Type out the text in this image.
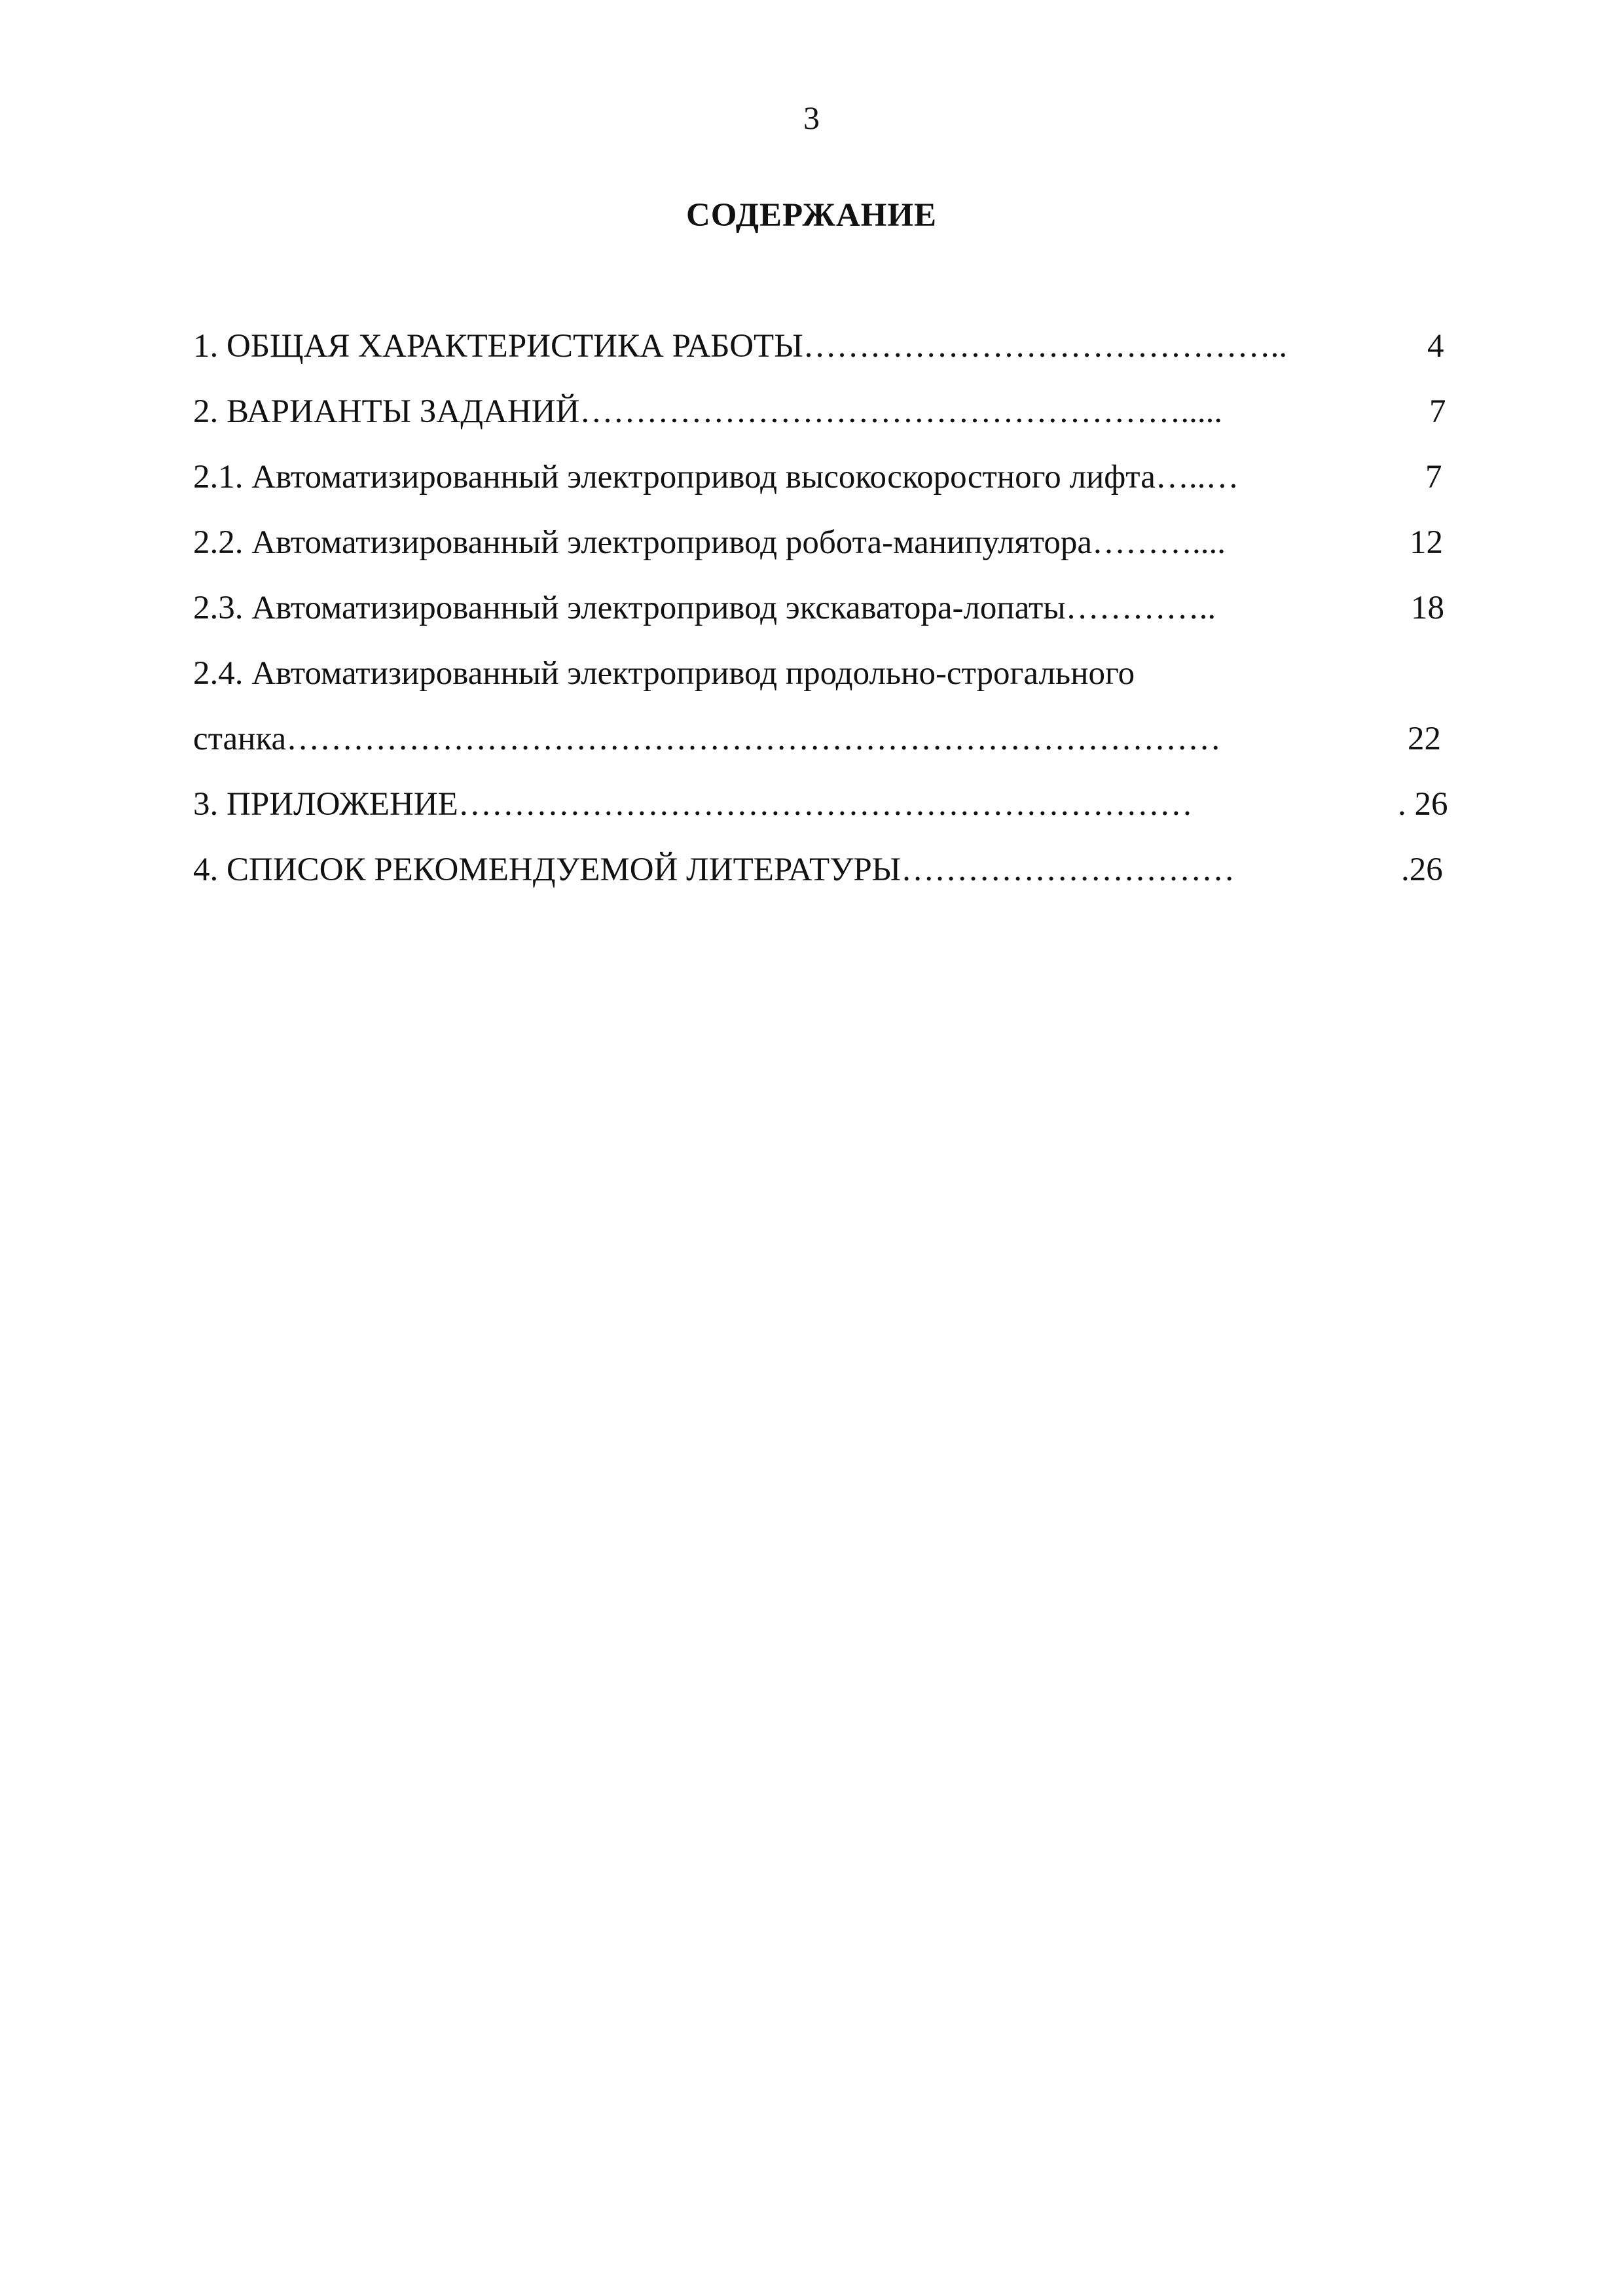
3
СОДЕРЖАНИЕ
1. ОБЩАЯ ХАРАКТЕРИСТИКА РАБОТЫ……………………………………..	4
2. ВАРИАНТЫ ЗАДАНИЙ……………………………………………….....	7
2.1. Автоматизированный электропривод высокоскоростного лифта…..…	7
2.2. Автоматизированный электропривод робота-манипулятора………....	12
2.3. Автоматизированный электропривод экскаватора-лопаты…………..	18
2.4. Автоматизированный электропривод продольно-строгального
станка…………………………………………………………………………	22
3. ПРИЛОЖЕНИЕ…………………………………………………………	. 26
4. СПИСОК РЕКОМЕНДУЕМОЙ ЛИТЕРАТУРЫ…………………………	.26
